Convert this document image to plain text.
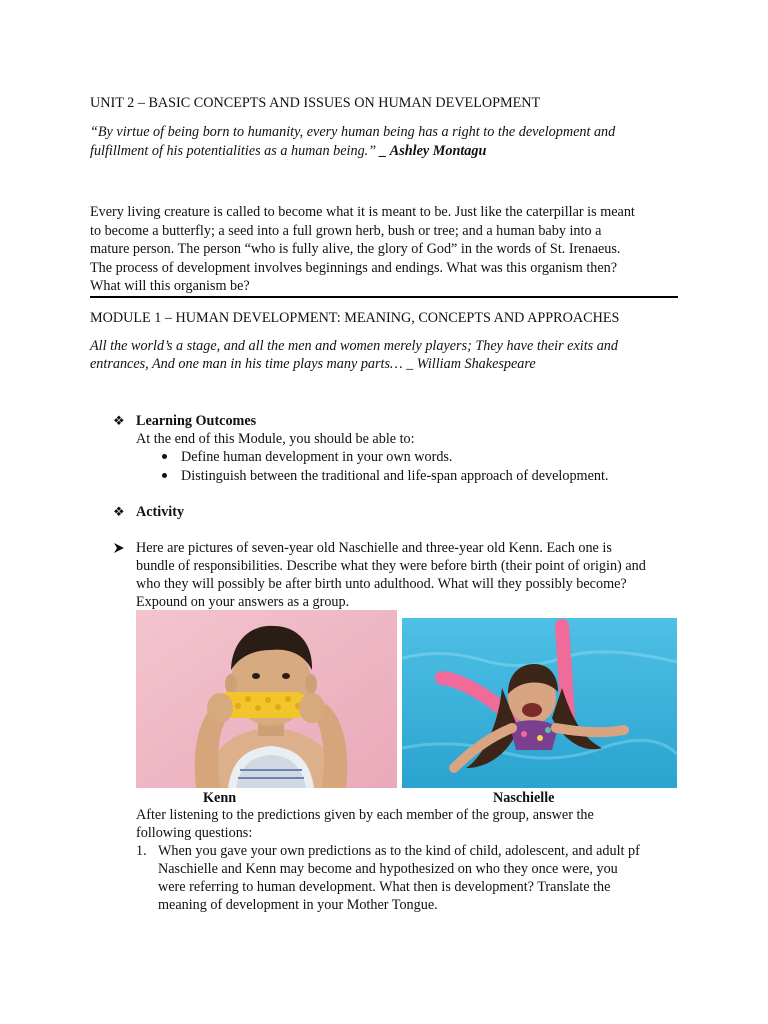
UNIT 2 – BASIC CONCEPTS AND ISSUES ON HUMAN DEVELOPMENT
“By virtue of being born to humanity, every human being has a right to the development and
fulfillment of his potentialities as a human being.” _ Ashley Montagu
Every living creature is called to become what it is meant to be. Just like the caterpillar is meant
to become a butterfly; a seed into a full grown herb, bush or tree; and a human baby into a
mature person. The person “who is fully alive, the glory of God” in the words of St. Irenaeus.
The process of development involves beginnings and endings. What was this organism then?
What will this organism be?
MODULE 1 – HUMAN DEVELOPMENT: MEANING, CONCEPTS AND APPROACHES
All the world’s a stage, and all the men and women merely players; They have their exits and
entrances, And one man in his time plays many parts… _ William Shakespeare
❖ Learning Outcomes
At the end of this Module, you should be able to:
Define human development in your own words.
Distinguish between the traditional and life-span approach of development.
❖ Activity
Here are pictures of seven-year old Naschielle and three-year old Kenn. Each one is
bundle of responsibilities. Describe what they were before birth (their point of origin) and
who they will possibly be after birth unto adulthood. What will they possibly become?
Expound on your answers as a group.
Kenn	Naschielle
After listening to the predictions given by each member of the group, answer the
following questions:
1. When you gave your own predictions as to the kind of child, adolescent, and adult pf
Naschielle and Kenn may become and hypothesized on who they once were, you
were referring to human development. What then is development? Translate the
meaning of development in your Mother Tongue.
